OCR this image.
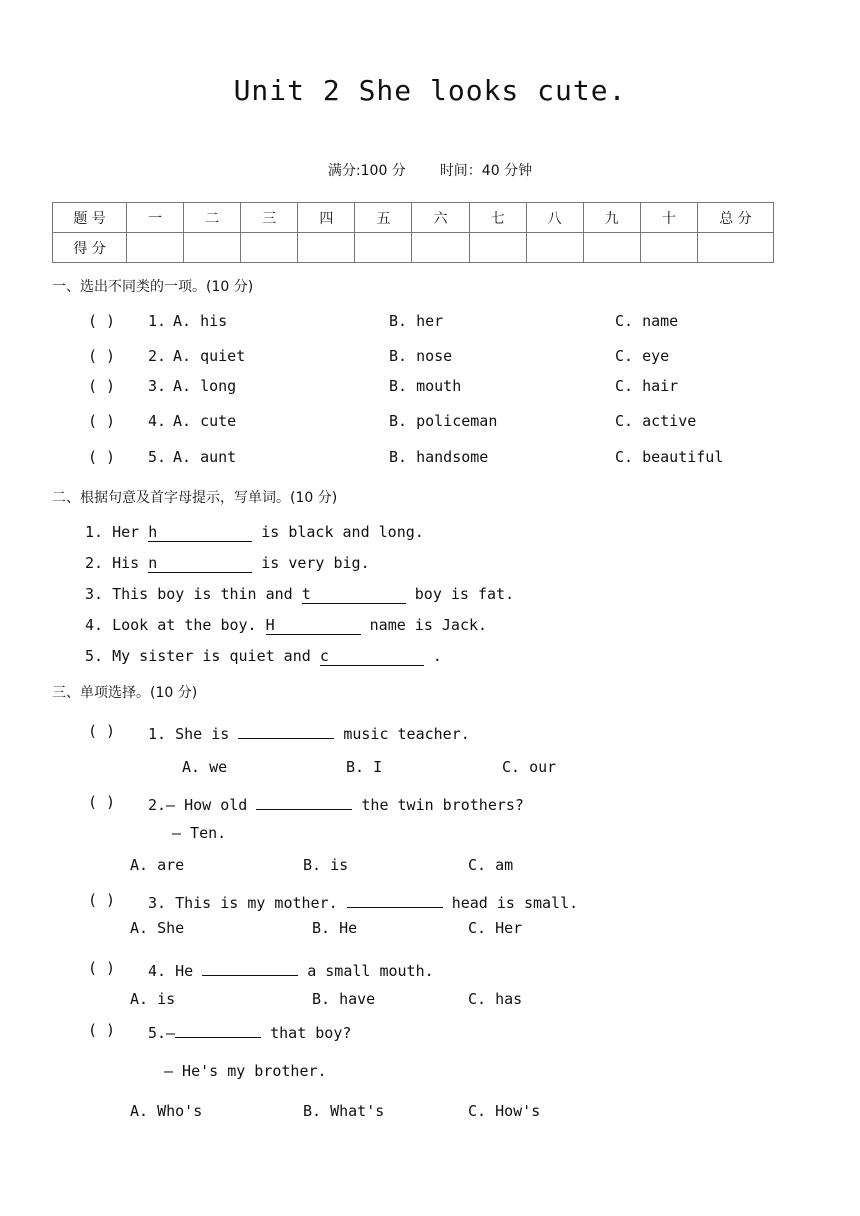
Unit 2 She looks cute.
满分:100 分 时间：40 分钟
题 号	一	二	三	四	五	六	七	八	九	十	总 分
得 分											
一、选出不同类的一项。(10 分)
( ) 1. A. his	B. her	C. name
( ) 2. A. quiet	B. nose	C. eye
( ) 3. A. long	B. mouth	C. hair
( ) 4. A. cute	B. policeman	C. active
( ) 5. A. aunt	B. handsome	C. beautiful
二、根据句意及首字母提示，写单词。(10 分)
1. Her h	is black and long.
2. His n	is very big.
3. This boy is thin and t	boy is fat.
4. Look at the boy. H	name is Jack.
5. My sister is quiet and c	.
三、单项选择。(10 分)
( ) 1. She is	music teacher.
A. we	B. I	C. our
( ) 2.— How old	the twin brothers?
— Ten.
A. are	B. is	C. am
( ) 3. This is my mother.	head is small.
A. She	B. He	C. Her
( ) 4. He	a small mouth.
A. is	B. have	C. has
( ) 5.—	that boy?
— He's my brother.
A. Who's	B. What's	C. How's
